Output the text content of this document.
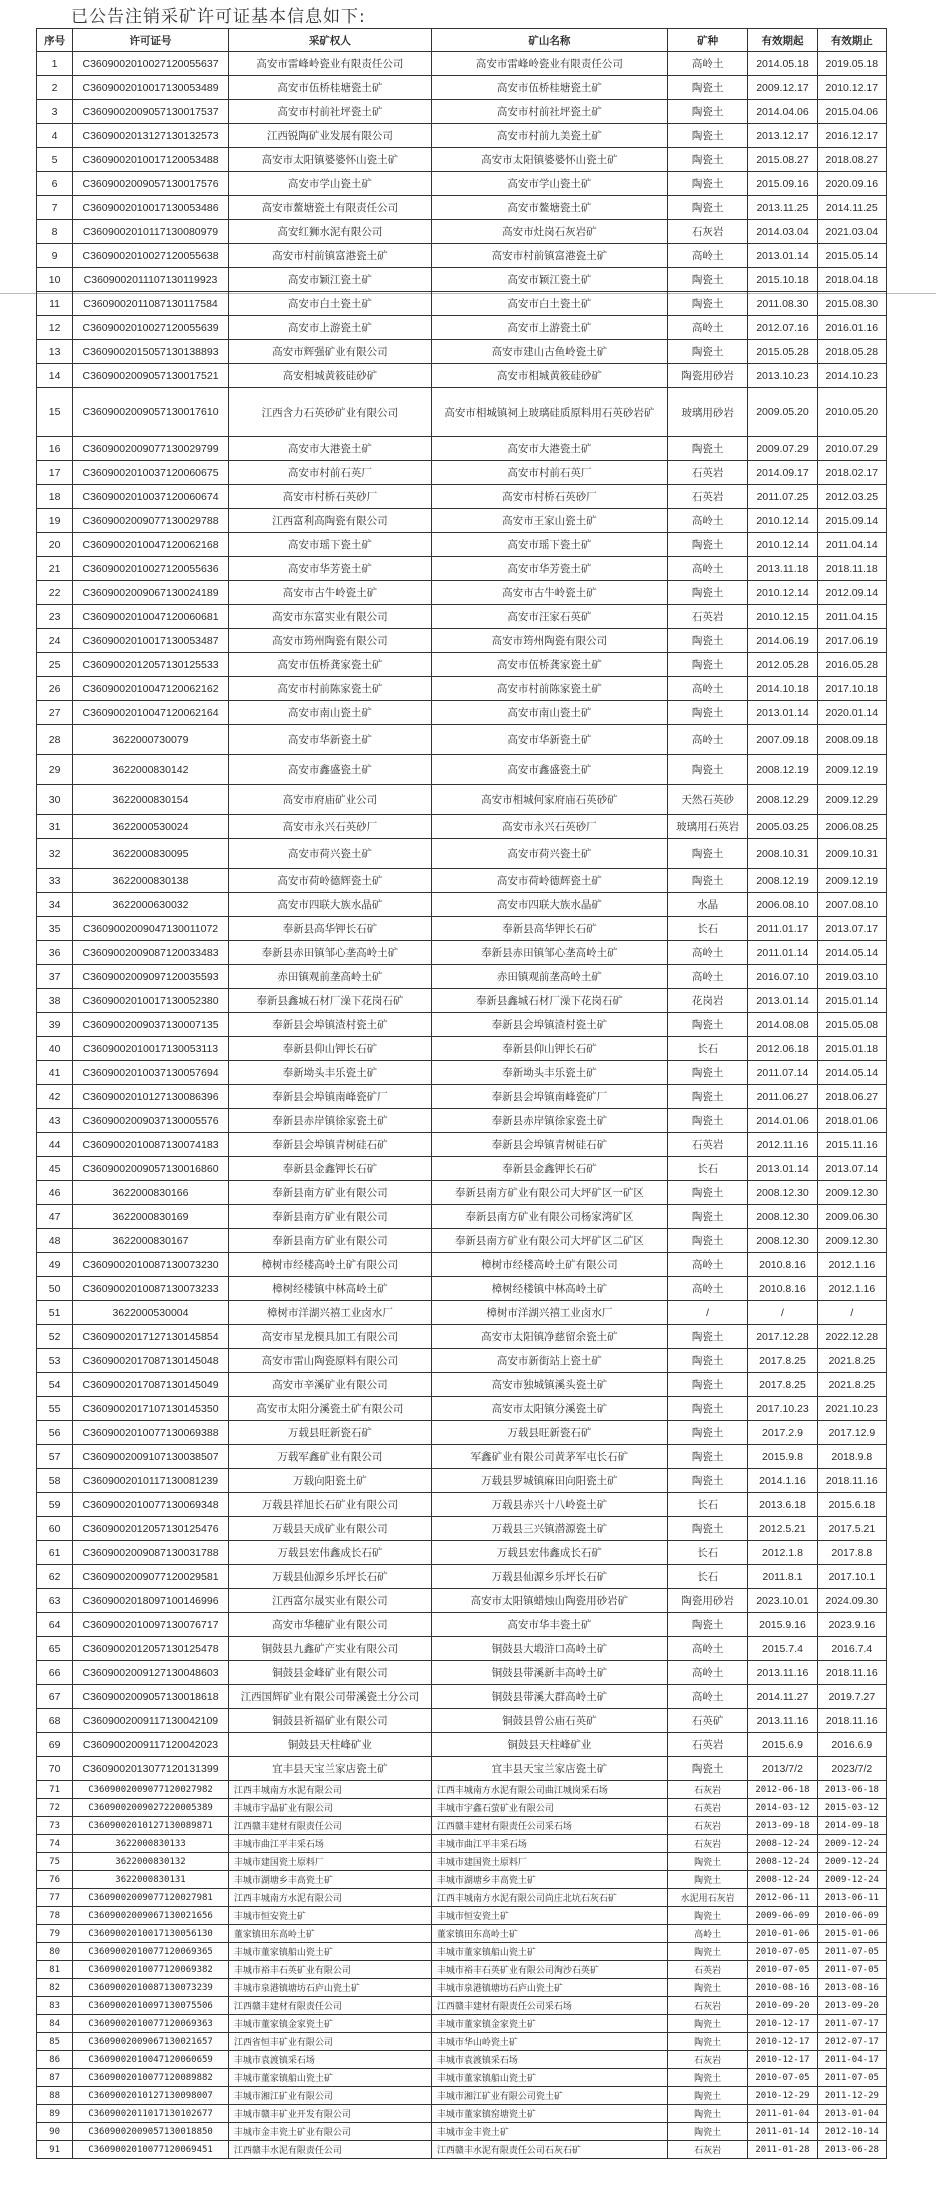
已公告注销采矿许可证基本信息如下:
序号	许可证号	采矿权人	矿山名称	矿种	有效期起	有效期止
1	C3609002010027120055637	高安市雷峰岭瓷业有限责任公司	高安市雷峰岭瓷业有限责任公司	高岭土	2014.05.18	2019.05.18
2	C3609002010017130053489	高安市伍桥桂塘瓷土矿	高安市伍桥桂塘瓷土矿	陶瓷土	2009.12.17	2010.12.17
3	C3609002009057130017537	高安市村前社坪瓷土矿	高安市村前社坪瓷土矿	陶瓷土	2014.04.06	2015.04.06
4	C3609002013127130132573	江西锐陶矿业发展有限公司	高安市村前九美瓷土矿	陶瓷土	2013.12.17	2016.12.17
5	C3609002010017120053488	高安市太阳镇婆婆怀山瓷土矿	高安市太阳镇婆婆怀山瓷土矿	陶瓷土	2015.08.27	2018.08.27
6	C3609002009057130017576	高安市学山瓷土矿	高安市学山瓷土矿	陶瓷土	2015.09.16	2020.09.16
7	C3609002010017130053486	高安市鳌塘瓷土有限责任公司	高安市鳌塘瓷土矿	陶瓷土	2013.11.25	2014.11.25
8	C3609002010117130080979	高安红狮水泥有限公司	高安市灶岗石灰岩矿	石灰岩	2014.03.04	2021.03.04
9	C3609002010027120055638	高安市村前镇富港瓷土矿	高安市村前镇富港瓷土矿	高岭土	2013.01.14	2015.05.14
10	C3609002011107130119923	高安市颖江瓷土矿	高安市颖江瓷土矿	陶瓷土	2015.10.18	2018.04.18
11	C3609002011087130117584	高安市白土瓷土矿	高安市白土瓷土矿	陶瓷土	2011.08.30	2015.08.30
12	C3609002010027120055639	高安市上游瓷土矿	高安市上游瓷土矿	高岭土	2012.07.16	2016.01.16
13	C3609002015057130138893	高安市辉强矿业有限公司	高安市建山古鱼岭瓷土矿	陶瓷土	2015.05.28	2018.05.28
14	C3609002009057130017521	高安相城黄筱硅砂矿	高安市相城黄筱硅砂矿	陶瓷用砂岩	2013.10.23	2014.10.23
15	C3609002009057130017610	江西含力石英砂矿业有限公司	高安市相城镇祠上玻璃硅质原料用石英砂岩矿	玻璃用砂岩	2009.05.20	2010.05.20
16	C3609002009077130029799	高安市大港瓷土矿	高安市大港瓷土矿	陶瓷土	2009.07.29	2010.07.29
17	C3609002010037120060675	高安市村前石英厂	高安市村前石英厂	石英岩	2014.09.17	2018.02.17
18	C3609002010037120060674	高安市村桥石英砂厂	高安市村桥石英砂厂	石英岩	2011.07.25	2012.03.25
19	C3609002009077130029788	江西富利高陶瓷有限公司	高安市王家山瓷土矿	高岭土	2010.12.14	2015.09.14
20	C3609002010047120062168	高安市瑶下瓷土矿	高安市瑶下瓷土矿	陶瓷土	2010.12.14	2011.04.14
21	C3609002010027120055636	高安市华芳瓷土矿	高安市华芳瓷土矿	高岭土	2013.11.18	2018.11.18
22	C3609002009067130024189	高安市古牛岭瓷土矿	高安市古牛岭瓷土矿	陶瓷土	2010.12.14	2012.09.14
23	C3609002010047120060681	高安市东富实业有限公司	高安市汪家石英矿	石英岩	2010.12.15	2011.04.15
24	C3609002010017130053487	高安市筠州陶瓷有限公司	高安市筠州陶瓷有限公司	陶瓷土	2014.06.19	2017.06.19
25	C3609002012057130125533	高安市伍桥龚家瓷土矿	高安市伍桥龚家瓷土矿	陶瓷土	2012.05.28	2016.05.28
26	C3609002010047120062162	高安市村前陈家瓷土矿	高安市村前陈家瓷土矿	高岭土	2014.10.18	2017.10.18
27	C3609002010047120062164	高安市南山瓷土矿	高安市南山瓷土矿	陶瓷土	2013.01.14	2020.01.14
28	3622000730079	高安市华新瓷土矿	高安市华新瓷土矿	高岭土	2007.09.18	2008.09.18
29	3622000830142	高安市鑫盛瓷土矿	高安市鑫盛瓷土矿	陶瓷土	2008.12.19	2009.12.19
30	3622000830154	高安市府庙矿业公司	高安市相城何家府庙石英砂矿	天然石英砂	2008.12.29	2009.12.29
31	3622000530024	高安市永兴石英砂厂	高安市永兴石英砂厂	玻璃用石英岩	2005.03.25	2006.08.25
32	3622000830095	高安市荷兴瓷土矿	高安市荷兴瓷土矿	陶瓷土	2008.10.31	2009.10.31
33	3622000830138	高安市荷岭德辉瓷土矿	高安市荷岭德辉瓷土矿	陶瓷土	2008.12.19	2009.12.19
34	3622000630032	高安市四联大族水晶矿	高安市四联大族水晶矿	水晶	2006.08.10	2007.08.10
35	C3609002009047130011072	奉新县高华钾长石矿	奉新县高华钾长石矿	长石	2011.01.17	2013.07.17
36	C3609002009087120033483	奉新县赤田镇邹心垄高岭土矿	奉新县赤田镇邹心垄高岭土矿	高岭土	2011.01.14	2014.05.14
37	C3609002009097120035593	赤田镇观前垄高岭土矿	赤田镇观前垄高岭土矿	高岭土	2016.07.10	2019.03.10
38	C3609002010017130052380	奉新县鑫城石材厂澡下花岗石矿	奉新县鑫城石材厂澡下花岗石矿	花岗岩	2013.01.14	2015.01.14
39	C3609002009037130007135	奉新县会埠镇渣村瓷土矿	奉新县会埠镇渣村瓷土矿	陶瓷土	2014.08.08	2015.05.08
40	C3609002010017130053113	奉新县仰山钾长石矿	奉新县仰山钾长石矿	长石	2012.06.18	2015.01.18
41	C3609002010037130057694	奉新坳头丰乐瓷土矿	奉新坳头丰乐瓷土矿	陶瓷土	2011.07.14	2014.05.14
42	C3609002010127130086396	奉新县会埠镇南峰瓷矿厂	奉新县会埠镇南峰瓷矿厂	陶瓷土	2011.06.27	2018.06.27
43	C3609002009037130005576	奉新县赤岸镇徐家瓷土矿	奉新县赤岸镇徐家瓷土矿	陶瓷土	2014.01.06	2018.01.06
44	C3609002010087130074183	奉新县会埠镇青树硅石矿	奉新县会埠镇青树硅石矿	石英岩	2012.11.16	2015.11.16
45	C3609002009057130016860	奉新县金鑫钾长石矿	奉新县金鑫钾长石矿	长石	2013.01.14	2013.07.14
46	3622000830166	奉新县南方矿业有限公司	奉新县南方矿业有限公司大坪矿区一矿区	陶瓷土	2008.12.30	2009.12.30
47	3622000830169	奉新县南方矿业有限公司	奉新县南方矿业有限公司杨家湾矿区	陶瓷土	2008.12.30	2009.06.30
48	3622000830167	奉新县南方矿业有限公司	奉新县南方矿业有限公司大坪矿区二矿区	陶瓷土	2008.12.30	2009.12.30
49	C3609002010087130073230	樟树市经楼高岭土矿有限公司	樟树市经楼高岭土矿有限公司	高岭土	2010.8.16	2012.1.16
50	C3609002010087130073233	樟树经楼镇中林高岭土矿	樟树经楼镇中林高岭土矿	高岭土	2010.8.16	2012.1.16
51	3622000530004	樟树市洋湖兴禧工业卤水厂	樟树市洋湖兴禧工业卤水厂	/	/	/
52	C3609002017127130145854	高安市星龙模具加工有限公司	高安市太阳镇净慈留余瓷土矿	陶瓷土	2017.12.28	2022.12.28
53	C3609002017087130145048	高安市雷山陶瓷原料有限公司	高安市新街站上瓷土矿	陶瓷土	2017.8.25	2021.8.25
54	C3609002017087130145049	高安市辛溪矿业有限公司	高安市独城镇溪头瓷土矿	陶瓷土	2017.8.25	2021.8.25
55	C3609002017107130145350	高安市太阳分溪瓷土矿有限公司	高安市太阳镇分溪瓷土矿	陶瓷土	2017.10.23	2021.10.23
56	C3609002010077130069388	万载县旺新瓷石矿	万载县旺新瓷石矿	陶瓷土	2017.2.9	2017.12.9
57	C3609002009107130038507	万载军鑫矿业有限公司	军鑫矿业有限公司黄茅军屯长石矿	陶瓷土	2015.9.8	2018.9.8
58	C3609002010117130081239	万载向阳瓷土矿	万载县罗城镇麻田向阳瓷土矿	陶瓷土	2014.1.16	2018.11.16
59	C3609002010077130069348	万载县祥旭长石矿业有限公司	万载县赤兴十八岭瓷土矿	长石	2013.6.18	2015.6.18
60	C3609002012057130125476	万载县天成矿业有限公司	万载县三兴镇潜源瓷土矿	陶瓷土	2012.5.21	2017.5.21
61	C3609002009087130031788	万载县宏伟鑫成长石矿	万载县宏伟鑫成长石矿	长石	2012.1.8	2017.8.8
62	C3609002009077120029581	万载县仙源乡乐坪长石矿	万载县仙源乡乐坪长石矿	长石	2011.8.1	2017.10.1
63	C3609002018097100146996	江西富尔晟实业有限公司	高安市太阳镇蜡烛山陶瓷用砂岩矿	陶瓷用砂岩	2023.10.01	2024.09.30
64	C3609002010097130076717	高安市华穗矿业有限公司	高安市华丰瓷土矿	陶瓷土	2015.9.16	2023.9.16
65	C3609002012057130125478	铜鼓县九鑫矿产实业有限公司	铜鼓县大塅浒口高岭土矿	高岭土	2015.7.4	2016.7.4
66	C3609002009127130048603	铜鼓县金峰矿业有限公司	铜鼓县带溪新丰高岭土矿	高岭土	2013.11.16	2018.11.16
67	C3609002009057130018618	江西国辉矿业有限公司带溪瓷土分公司	铜鼓县带溪大群高岭土矿	高岭土	2014.11.27	2019.7.27
68	C3609002009117130042109	铜鼓县祈福矿业有限公司	铜鼓县曾公庙石英矿	石英矿	2013.11.16	2018.11.16
69	C3609002009117120042023	铜鼓县天柱峰矿业	铜鼓县天柱峰矿业	石英岩	2015.6.9	2016.6.9
70	C3609002013077120131399	宜丰县天宝兰家店瓷土矿	宜丰县天宝兰家店瓷土矿	陶瓷土	2013/7/2	2023/7/2
71	C3609002009077120027982	江西丰城南方水泥有限公司	江西丰城南方水泥有限公司曲江城岗采石场	石灰岩	2012-06-18	2013-06-18
72	C3609002009027220005389	丰城市宇晶矿业有限公司	丰城市宇鑫石萤矿业有限公司	石英岩	2014-03-12	2015-03-12
73	C3609002010127130089871	江西赣丰建材有限责任公司	江西赣丰建材有限责任公司采石场	石灰岩	2013-09-18	2014-09-18
74	3622000830133	丰城市曲江平丰采石场	丰城市曲江平丰采石场	石灰岩	2008-12-24	2009-12-24
75	3622000830132	丰城市建国瓷土原料厂	丰城市建国瓷土原料厂	陶瓷土	2008-12-24	2009-12-24
76	3622000830131	丰城市湖塘乡丰高瓷土矿	丰城市湖塘乡丰高瓷土矿	陶瓷土	2008-12-24	2009-12-24
77	C3609002009077120027981	江西丰城南方水泥有限公司	江西丰城南方水泥有限公司尚庄北坑石灰石矿	水泥用石灰岩	2012-06-11	2013-06-11
78	C3609002009067130021656	丰城市恒安瓷土矿	丰城市恒安瓷土矿	陶瓷土	2009-06-09	2010-06-09
79	C3609002010017130056130	董家镇田东高岭土矿	董家镇田东高岭土矿	高岭土	2010-01-06	2015-01-06
80	C3609002010077120069365	丰城市董家镇船山瓷土矿	丰城市董家镇船山瓷土矿	陶瓷土	2010-07-05	2011-07-05
81	C3609002010077120069382	丰城市裕丰石英矿业有限公司	丰城市裕丰石英矿业有限公司淘沙石英矿	石英岩	2010-07-05	2011-07-05
82	C3609002010087130073239	丰城市泉港镇塘坊石庐山瓷土矿	丰城市泉港镇塘坊石庐山瓷土矿	陶瓷土	2010-08-16	2013-08-16
83	C3609002010097130075506	江西赣丰建材有限责任公司	江西赣丰建材有限责任公司采石场	石灰岩	2010-09-20	2013-09-20
84	C3609002010077120069363	丰城市董家镇金家瓷土矿	丰城市董家镇金家瓷土矿	陶瓷土	2010-12-17	2011-07-17
85	C3609002009067130021657	江西省恒丰矿业有限公司	丰城市华山岭瓷土矿	陶瓷土	2010-12-17	2012-07-17
86	C3609002010047120060659	丰城市袁渡镇采石场	丰城市袁渡镇采石场	石灰岩	2010-12-17	2011-04-17
87	C3609002010077120089882	丰城市董家镇船山瓷土矿	丰城市董家镇船山瓷土矿	陶瓷土	2010-07-05	2011-07-05
88	C3609002010127130098007	丰城市湘江矿业有限公司	丰城市湘江矿业有限公司瓷土矿	陶瓷土	2010-12-29	2011-12-29
89	C3609002011017130102677	丰城市赣丰矿业开发有限公司	丰城市董家镇窑塘瓷土矿	陶瓷土	2011-01-04	2013-01-04
90	C3609002009057130018850	丰城市金丰瓷土矿业有限公司	丰城市金丰瓷土矿	陶瓷土	2011-01-14	2012-10-14
91	C3609002010077120069451	江西赣丰水泥有限责任公司	江西赣丰水泥有限责任公司石灰石矿	石灰岩	2011-01-28	2013-06-28
